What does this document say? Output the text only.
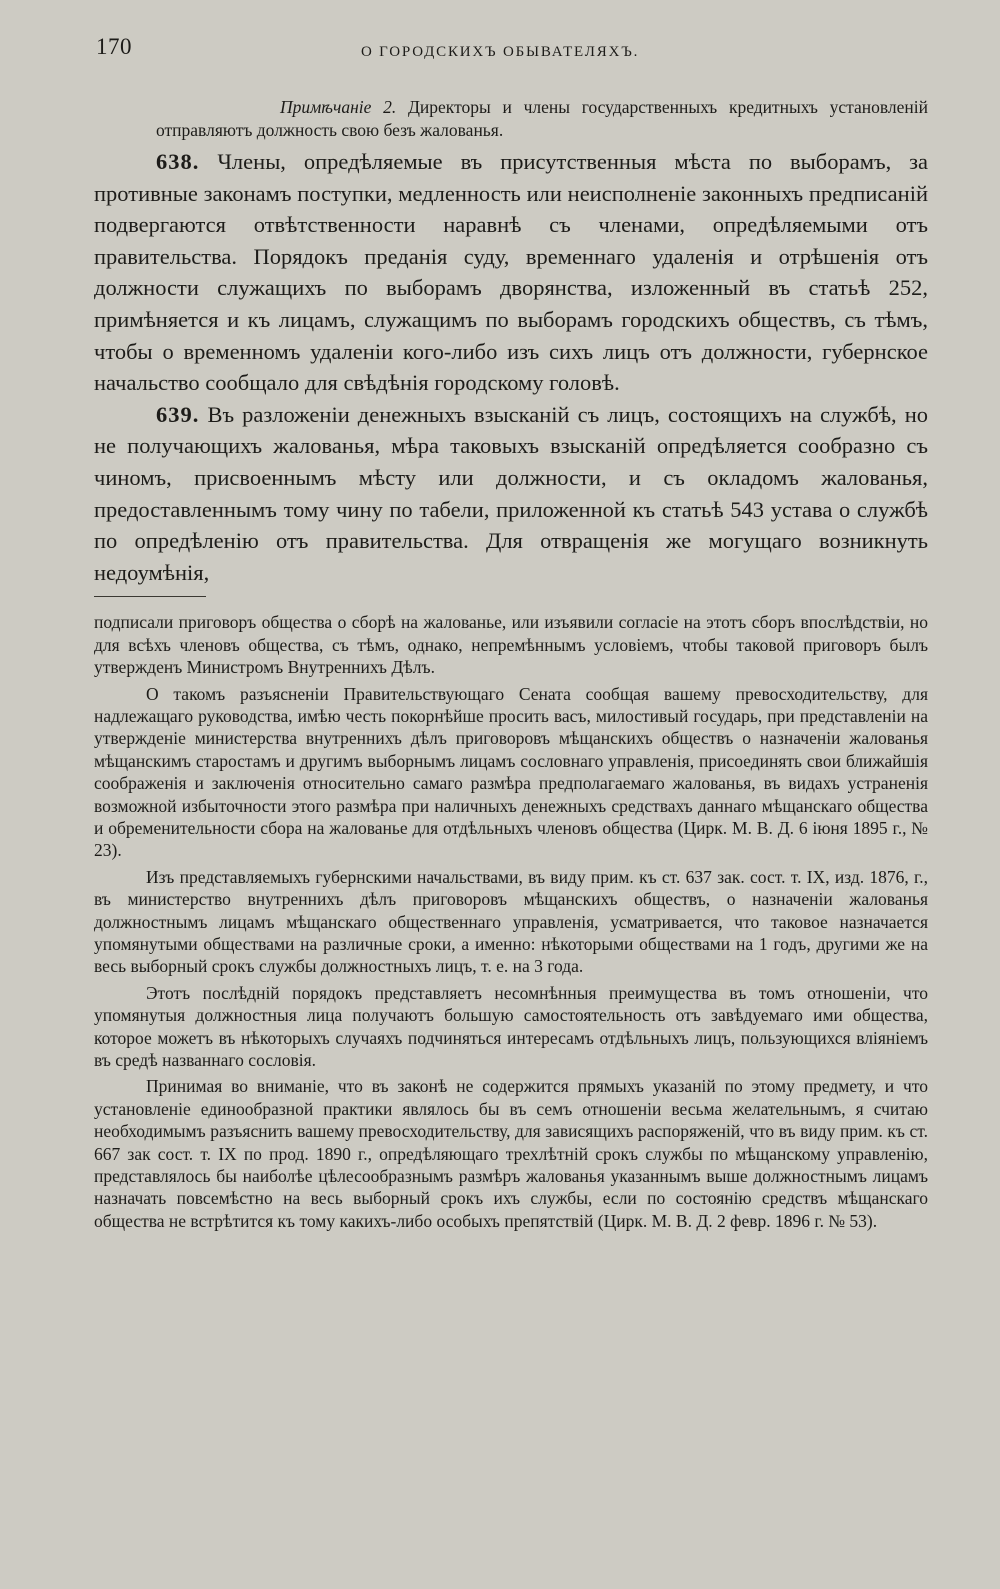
170	О ГОРОДСКИХЪ ОБЫВАТЕЛЯХЪ.

Примѣчаніе 2. Директоры и члены государственныхъ кредитныхъ установленій отправляютъ должность свою безъ жалованья.

638. Члены, опредѣляемые въ присутственныя мѣста по выборамъ, за противные законамъ поступки, медленность или неисполненіе законныхъ предписаній подвергаются отвѣтственности наравнѣ съ членами, опредѣляемыми отъ правительства. Порядокъ преданія суду, временнаго удаленія и отрѣшенія отъ должности служащихъ по выборамъ дворянства, изложенный въ статьѣ 252, примѣняется и къ лицамъ, служащимъ по выборамъ городскихъ обществъ, съ тѣмъ, чтобы о временномъ удаленіи кого-либо изъ сихъ лицъ отъ должности, губернское начальство сообщало для свѣдѣнія городскому головѣ.

639. Въ разложеніи денежныхъ взысканій съ лицъ, состоящихъ на службѣ, но не получающихъ жалованья, мѣра таковыхъ взысканій опредѣляется сообразно съ чиномъ, присвоеннымъ мѣсту или должности, и съ окладомъ жалованья, предоставленнымъ тому чину по табели, приложенной къ статьѣ 543 устава о службѣ по опредѣленію отъ правительства. Для отвращенія же могущаго возникнуть недоумѣнія,

подписали приговоръ общества о сборѣ на жалованье, или изъявили согласіе на этотъ сборъ впослѣдствіи, но для всѣхъ членовъ общества, съ тѣмъ, однако, непремѣннымъ условіемъ, чтобы таковой приговоръ былъ утвержденъ Министромъ Внутреннихъ Дѣлъ.

О такомъ разъясненіи Правительствующаго Сената сообщая вашему превосходительству, для надлежащаго руководства, имѣю честь покорнѣйше просить васъ, милостивый государь, при представленіи на утвержденіе министерства внутреннихъ дѣлъ приговоровъ мѣщанскихъ обществъ о назначеніи жалованья мѣщанскимъ старостамъ и другимъ выборнымъ лицамъ сословнаго управленія, присоединять свои ближайшія соображенія и заключенія относительно самаго размѣра предполагаемаго жалованья, въ видахъ устраненія возможной избыточности этого размѣра при наличныхъ денежныхъ средствахъ даннаго мѣщанскаго общества и обременительности сбора на жалованье для отдѣльныхъ членовъ общества (Цирк. М. В. Д. 6 іюня 1895 г., № 23).

Изъ представляемыхъ губернскими начальствами, въ виду прим. къ ст. 637 зак. сост. т. IX, изд. 1876, г., въ министерство внутреннихъ дѣлъ приговоровъ мѣщанскихъ обществъ, о назначеніи жалованья должностнымъ лицамъ мѣщанскаго общественнаго управленія, усматривается, что таковое назначается упомянутыми обществами на различные сроки, а именно: нѣкоторыми обществами на 1 годъ, другими же на весь выборный срокъ службы должностныхъ лицъ, т. е. на 3 года.

Этотъ послѣдній порядокъ представляетъ несомнѣнныя преимущества въ томъ отношеніи, что упомянутыя должностныя лица получаютъ большую самостоятельность отъ завѣдуемаго ими общества, которое можетъ въ нѣкоторыхъ случаяхъ подчиняться интересамъ отдѣльныхъ лицъ, пользующихся вліяніемъ въ средѣ названнаго сословія.

Принимая во вниманіе, что въ законѣ не содержится прямыхъ указаній по этому предмету, и что установленіе единообразной практики являлось бы въ семъ отношеніи весьма желательнымъ, я считаю необходимымъ разъяснить вашему превосходительству, для зависящихъ распоряженій, что въ виду прим. къ ст. 667 зак сост. т. IX по прод. 1890 г., опредѣляющаго трехлѣтній срокъ службы по мѣщанскому управленію, представлялось бы наиболѣе цѣлесообразнымъ размѣръ жалованья указаннымъ выше должностнымъ лицамъ назначать повсемѣстно на весь выборный срокъ ихъ службы, если по состоянію средствъ мѣщанскаго общества не встрѣтится къ тому какихъ-либо особыхъ препятствій (Цирк. М. В. Д. 2 февр. 1896 г. № 53).
